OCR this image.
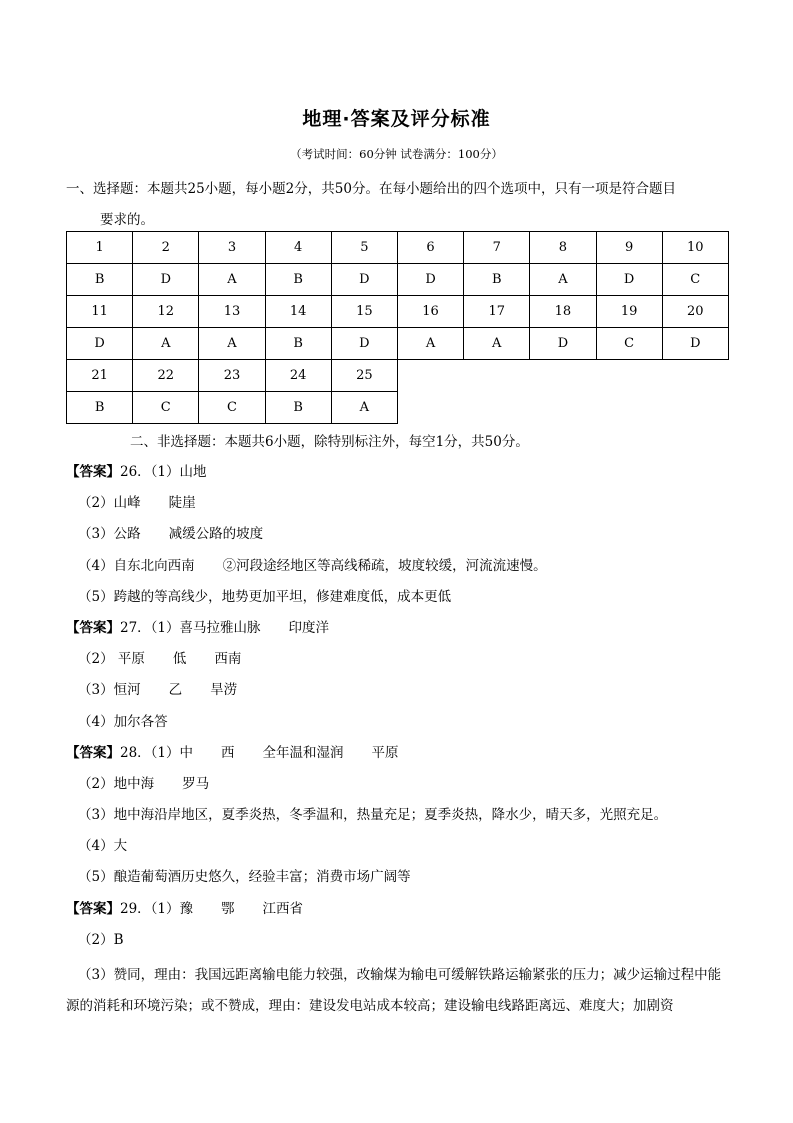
地理·答案及评分标准
（考试时间：60分钟 试卷满分：100分）
一、选择题：本题共25小题，每小题2分，共50分。在每小题给出的四个选项中，只有一项是符合题目
要求的。
1	2	3	4	5	6	7	8	9	10
B	D	A	B	D	D	B	A	D	C
11	12	13	14	15	16	17	18	19	20
D	A	A	B	D	A	A	D	C	D
21	22	23	24	25					
B	C	C	B	A					
二、非选择题：本题共6小题，除特别标注外，每空1分，共50分。
【答案】26．（1）山地
（2）山峰 陡崖
（3）公路 减缓公路的坡度
（4）自东北向西南 ②河段途经地区等高线稀疏，坡度较缓，河流流速慢。
（5）跨越的等高线少，地势更加平坦，修建难度低，成本更低
【答案】27．（1）喜马拉雅山脉 印度洋
（2） 平原 低 西南
（3）恒河 乙 旱涝
（4）加尔各答
【答案】28．（1）中 西 全年温和湿润 平原
（2）地中海 罗马
（3）地中海沿岸地区，夏季炎热，冬季温和，热量充足；夏季炎热，降水少，晴天多，光照充足。
（4）大
（5）酿造葡萄酒历史悠久，经验丰富；消费市场广阔等
【答案】29．（1）豫 鄂 江西省
（2）B
（3）赞同，理由：我国远距离输电能力较强，改输煤为输电可缓解铁路运输紧张的压力；减少运输过程中能源的消耗和环境污染；或不赞成，理由：建设发电站成本较高；建设输电线路距离远、难度大；加剧资
